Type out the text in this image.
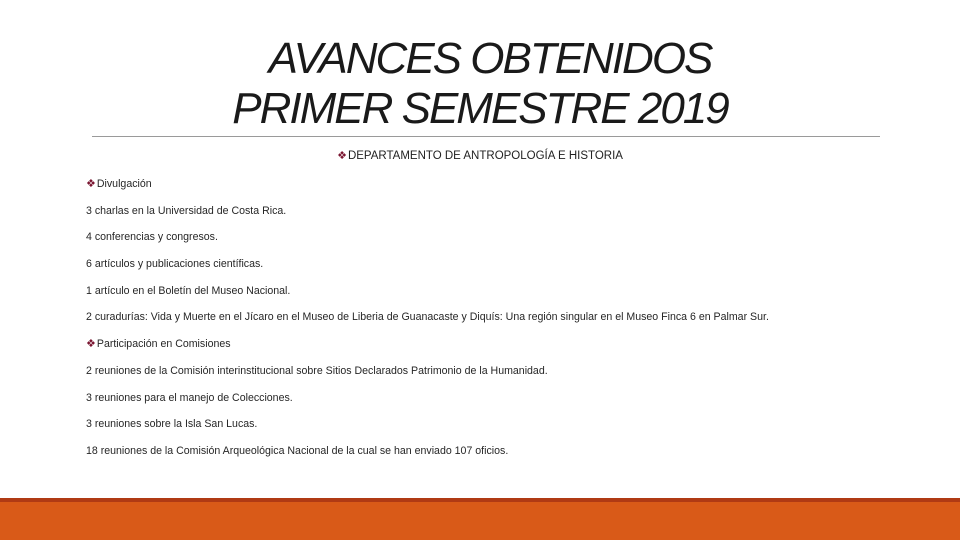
AVANCES OBTENIDOS
PRIMER SEMESTRE 2019
❖DEPARTAMENTO DE ANTROPOLOGÍA E HISTORIA
❖Divulgación
3 charlas en la Universidad de Costa Rica.
4 conferencias y congresos.
6 artículos y publicaciones científicas.
1 artículo en el Boletín del Museo Nacional.
2 curadurías: Vida y Muerte en el Jícaro en el Museo de Liberia de Guanacaste y Diquís: Una región singular en el Museo Finca 6 en Palmar Sur.
❖Participación en Comisiones
2 reuniones de la Comisión interinstitucional sobre Sitios Declarados Patrimonio de la Humanidad.
3 reuniones para el manejo de Colecciones.
3 reuniones sobre la Isla San Lucas.
18 reuniones de la Comisión Arqueológica Nacional de la cual se han enviado 107 oficios.
